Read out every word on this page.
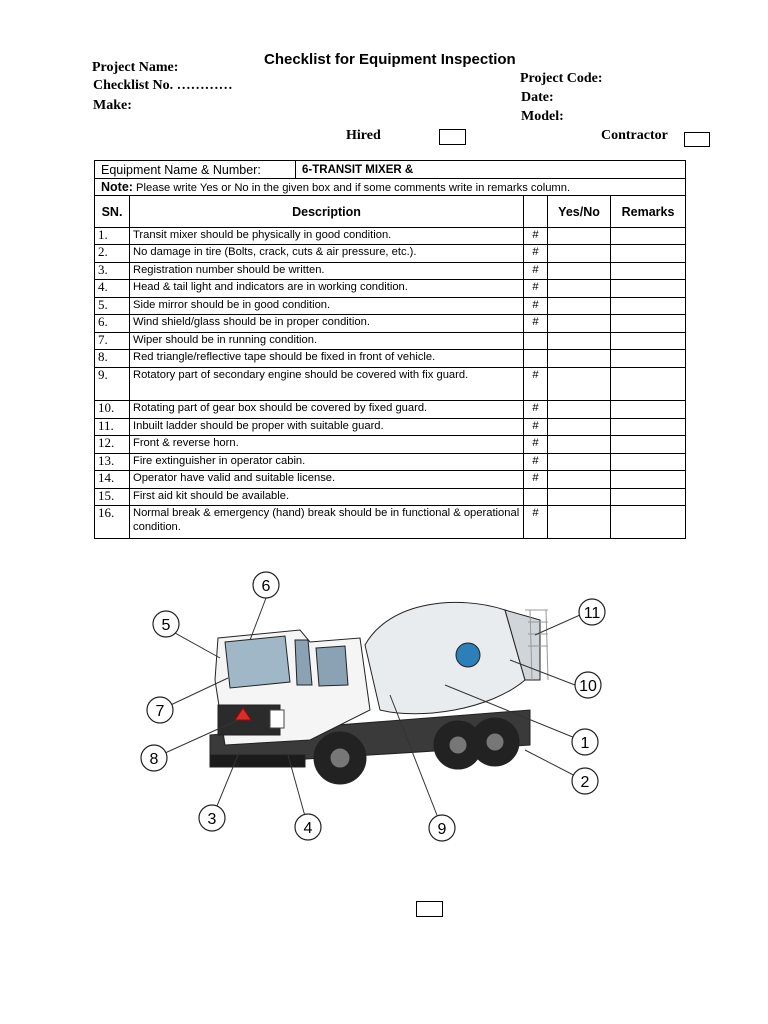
Checklist for Equipment Inspection
Project Name:
Checklist No. …………
Make:
Project Code:
Date:
Model:
Hired	Contractor
Equipment Name & Number:		6-TRANSIT MIXER &			
Note: Please write Yes or No in the given box and if some comments write in remarks column.					
SN.	Description			Yes/No	Remarks
1.	Transit mixer should be physically in good condition.		#		
2.	No damage in tire (Bolts, crack, cuts & air pressure, etc.).		#		
3.	Registration number should be written.		#		
4.	Head & tail light and indicators are in working condition.		#		
5.	Side mirror should be in good condition.		#		
6.	Wind shield/glass should be in proper condition.		#		
7.	Wiper should be in running condition.				
8.	Red triangle/reflective tape should be fixed in front of vehicle.				
9.	Rotatory part of secondary engine should be covered with fix guard.		#		
10.	Rotating part of gear box should be covered by fixed guard.		#		
11.	Inbuilt ladder should be proper with suitable guard.		#		
12.	Front & reverse horn.		#		
13.	Fire extinguisher in operator cabin.		#		
14.	Operator have valid and suitable license.		#		
15.	First aid kit should be available.				
16.	Normal break & emergency (hand) break should be in functional & operational condition.		#		
1
2
3
4
5
6
7
8
9
10
11
